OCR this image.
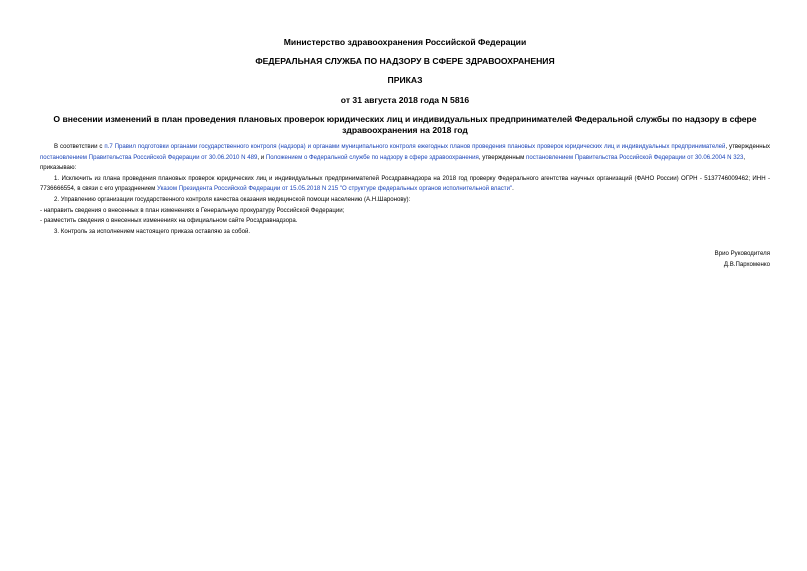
Министерство здравоохранения Российской Федерации
ФЕДЕРАЛЬНАЯ СЛУЖБА ПО НАДЗОРУ В СФЕРЕ ЗДРАВООХРАНЕНИЯ
ПРИКАЗ
от 31 августа 2018 года N 5816
О внесении изменений в план проведения плановых проверок юридических лиц и индивидуальных предпринимателей Федеральной службы по надзору в сфере здравоохранения на 2018 год

В соответствии с п.7 Правил подготовки органами государственного контроля (надзора) и органами муниципального контроля ежегодных планов проведения плановых проверок юридических лиц и индивидуальных предпринимателей, утвержденных постановлением Правительства Российской Федерации от 30.06.2010 N 489, и Положением о Федеральной службе по надзору в сфере здравоохранения, утвержденным постановлением Правительства Российской Федерации от 30.06.2004 N 323,

приказываю:

1. Исключить из плана проведения плановых проверок юридических лиц и индивидуальных предпринимателей Росздравнадзора на 2018 год проверку Федерального агентства научных организаций (ФАНО России) ОГРН - 5137746009462; ИНН - 7736666554, в связи с его упразднением Указом Президента Российской Федерации от 15.05.2018 N 215 "О структуре федеральных органов исполнительной власти".

2. Управлению организации государственного контроля качества оказания медицинской помощи населению (А.Н.Шаронову):

- направить сведения о внесенных в план изменениях в Генеральную прокуратуру Российской Федерации;

- разместить сведения о внесенных изменениях на официальном сайте Росздравнадзора.

3. Контроль за исполнением настоящего приказа оставляю за собой.

Врио Руководителя
Д.В.Пархоменко
